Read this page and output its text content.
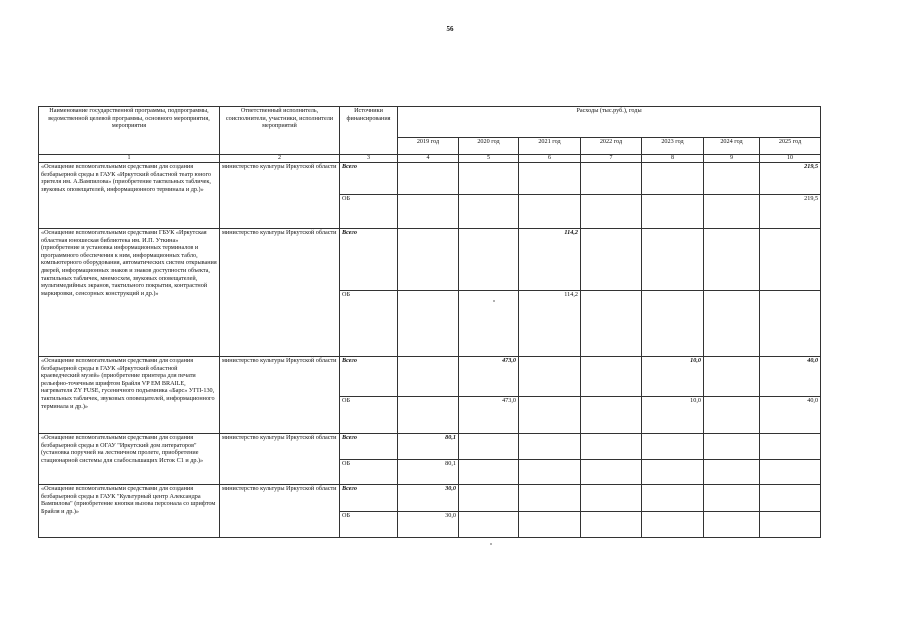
56
Наименование государственной программы, подпрограммы, ведомственной целевой программы, основного мероприятия, мероприятия	Ответственный исполнитель, соисполнители, участники, исполнители мероприятий	Источники финансирования	Расходы (тыс.руб.), годы						
			2019 год	2020 год	2021 год	2022 год	2023 год	2024 год	2025 год
1	2	3	4	5	6	7	8	9	10
«Оснащение вспомогательными средствами для создания безбарьерной среды в ГАУК «Иркутский областной театр юного зрителя им. А.Вампилова» (приобретение тактильных табличек, звуковых оповещателей, информационного терминала и др.)»	министерство культуры Иркутской области	Всего							219,5
		ОБ							219,5
«Оснащение вспомогательными средствами ГБУК «Иркутская областная юношеская библиотека им. И.П. Уткина» (приобретение и установка информационных терминалов и программного обеспечения к ним, информационных табло, компьютерного оборудования, автоматических систем открывания дверей, информационных знаков и знаков доступности объекта, тактильных табличек, мнемосхем, звуковых оповещателей, мультимедийных экранов, тактильного покрытия, контрастной маркировки, сенсорных конструкций и др.)»	министерство культуры Иркутской области	Всего			114,2				
		ОБ			114,2				
«Оснащение вспомогательными средствами для создания безбарьерной среды в ГАУК «Иркутский областной краеведческий музей» (приобретение принтера для печати рельефно-точечным шрифтом Брайля VP EM BRAILE, нагревателя ZY FUSE, гусеничного подъемника «Барс» УГП-130, тактильных табличек, звуковых оповещателей, информационного терминала и др.)»	министерство культуры Иркутской области	Всего		473,0			10,0		40,0
		ОБ		473,0			10,0		40,0
«Оснащение вспомогательными средствами для создания безбарьерной среды в ОГАУ "Иркутский дом литераторов" (установка поручней на лестничном пролете, приобретение стационарной системы для слабослышащих Исток С1 и др.)»	министерство культуры Иркутской области	Всего	80,1						
		ОБ	80,1						
«Оснащение вспомогательными средствами для создания безбарьерной среды в ГАУК "Культурный центр Александра Вампилова" (приобретение кнопки вызова персонала со шрифтом Брайля и др.)»	министерство культуры Иркутской области	Всего	30,0						
		ОБ	30,0						
